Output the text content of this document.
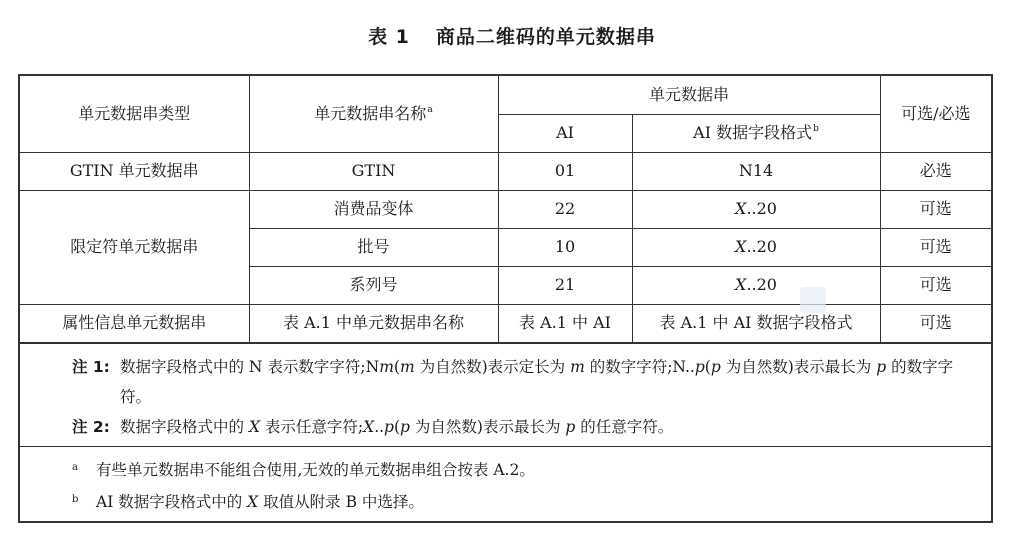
表 1 商品二维码的单元数据串
单元数据串类型	单元数据串名称$^a$	单元数据串		可选/必选
		AI	AI 数据字段格式$^b$
GTIN 单元数据串	GTIN	01	N14	必选
限定符单元数据串	消费品变体	22	X..20	可选
	批号	10	X..20	可选
	系列号	21	X..20	可选
属性信息单元数据串	表 A.1 中单元数据串名称	表 A.1 中 AI	表 A.1 中 AI 数据字段格式	可选
注 1: 数据字段格式中的 N 表示数字字符;Nm(m 为自然数)表示定长为 m 的数字字符;N..p(p 为自然数)表示最长为 p 的数字字符。
注 2: 数据字段格式中的 X 表示任意字符;X..p(p 为自然数)表示最长为 p 的任意字符。
a 有些单元数据串不能组合使用,无效的单元数据串组合按表 A.2。
b AI 数据字段格式中的 X 取值从附录 B 中选择。
